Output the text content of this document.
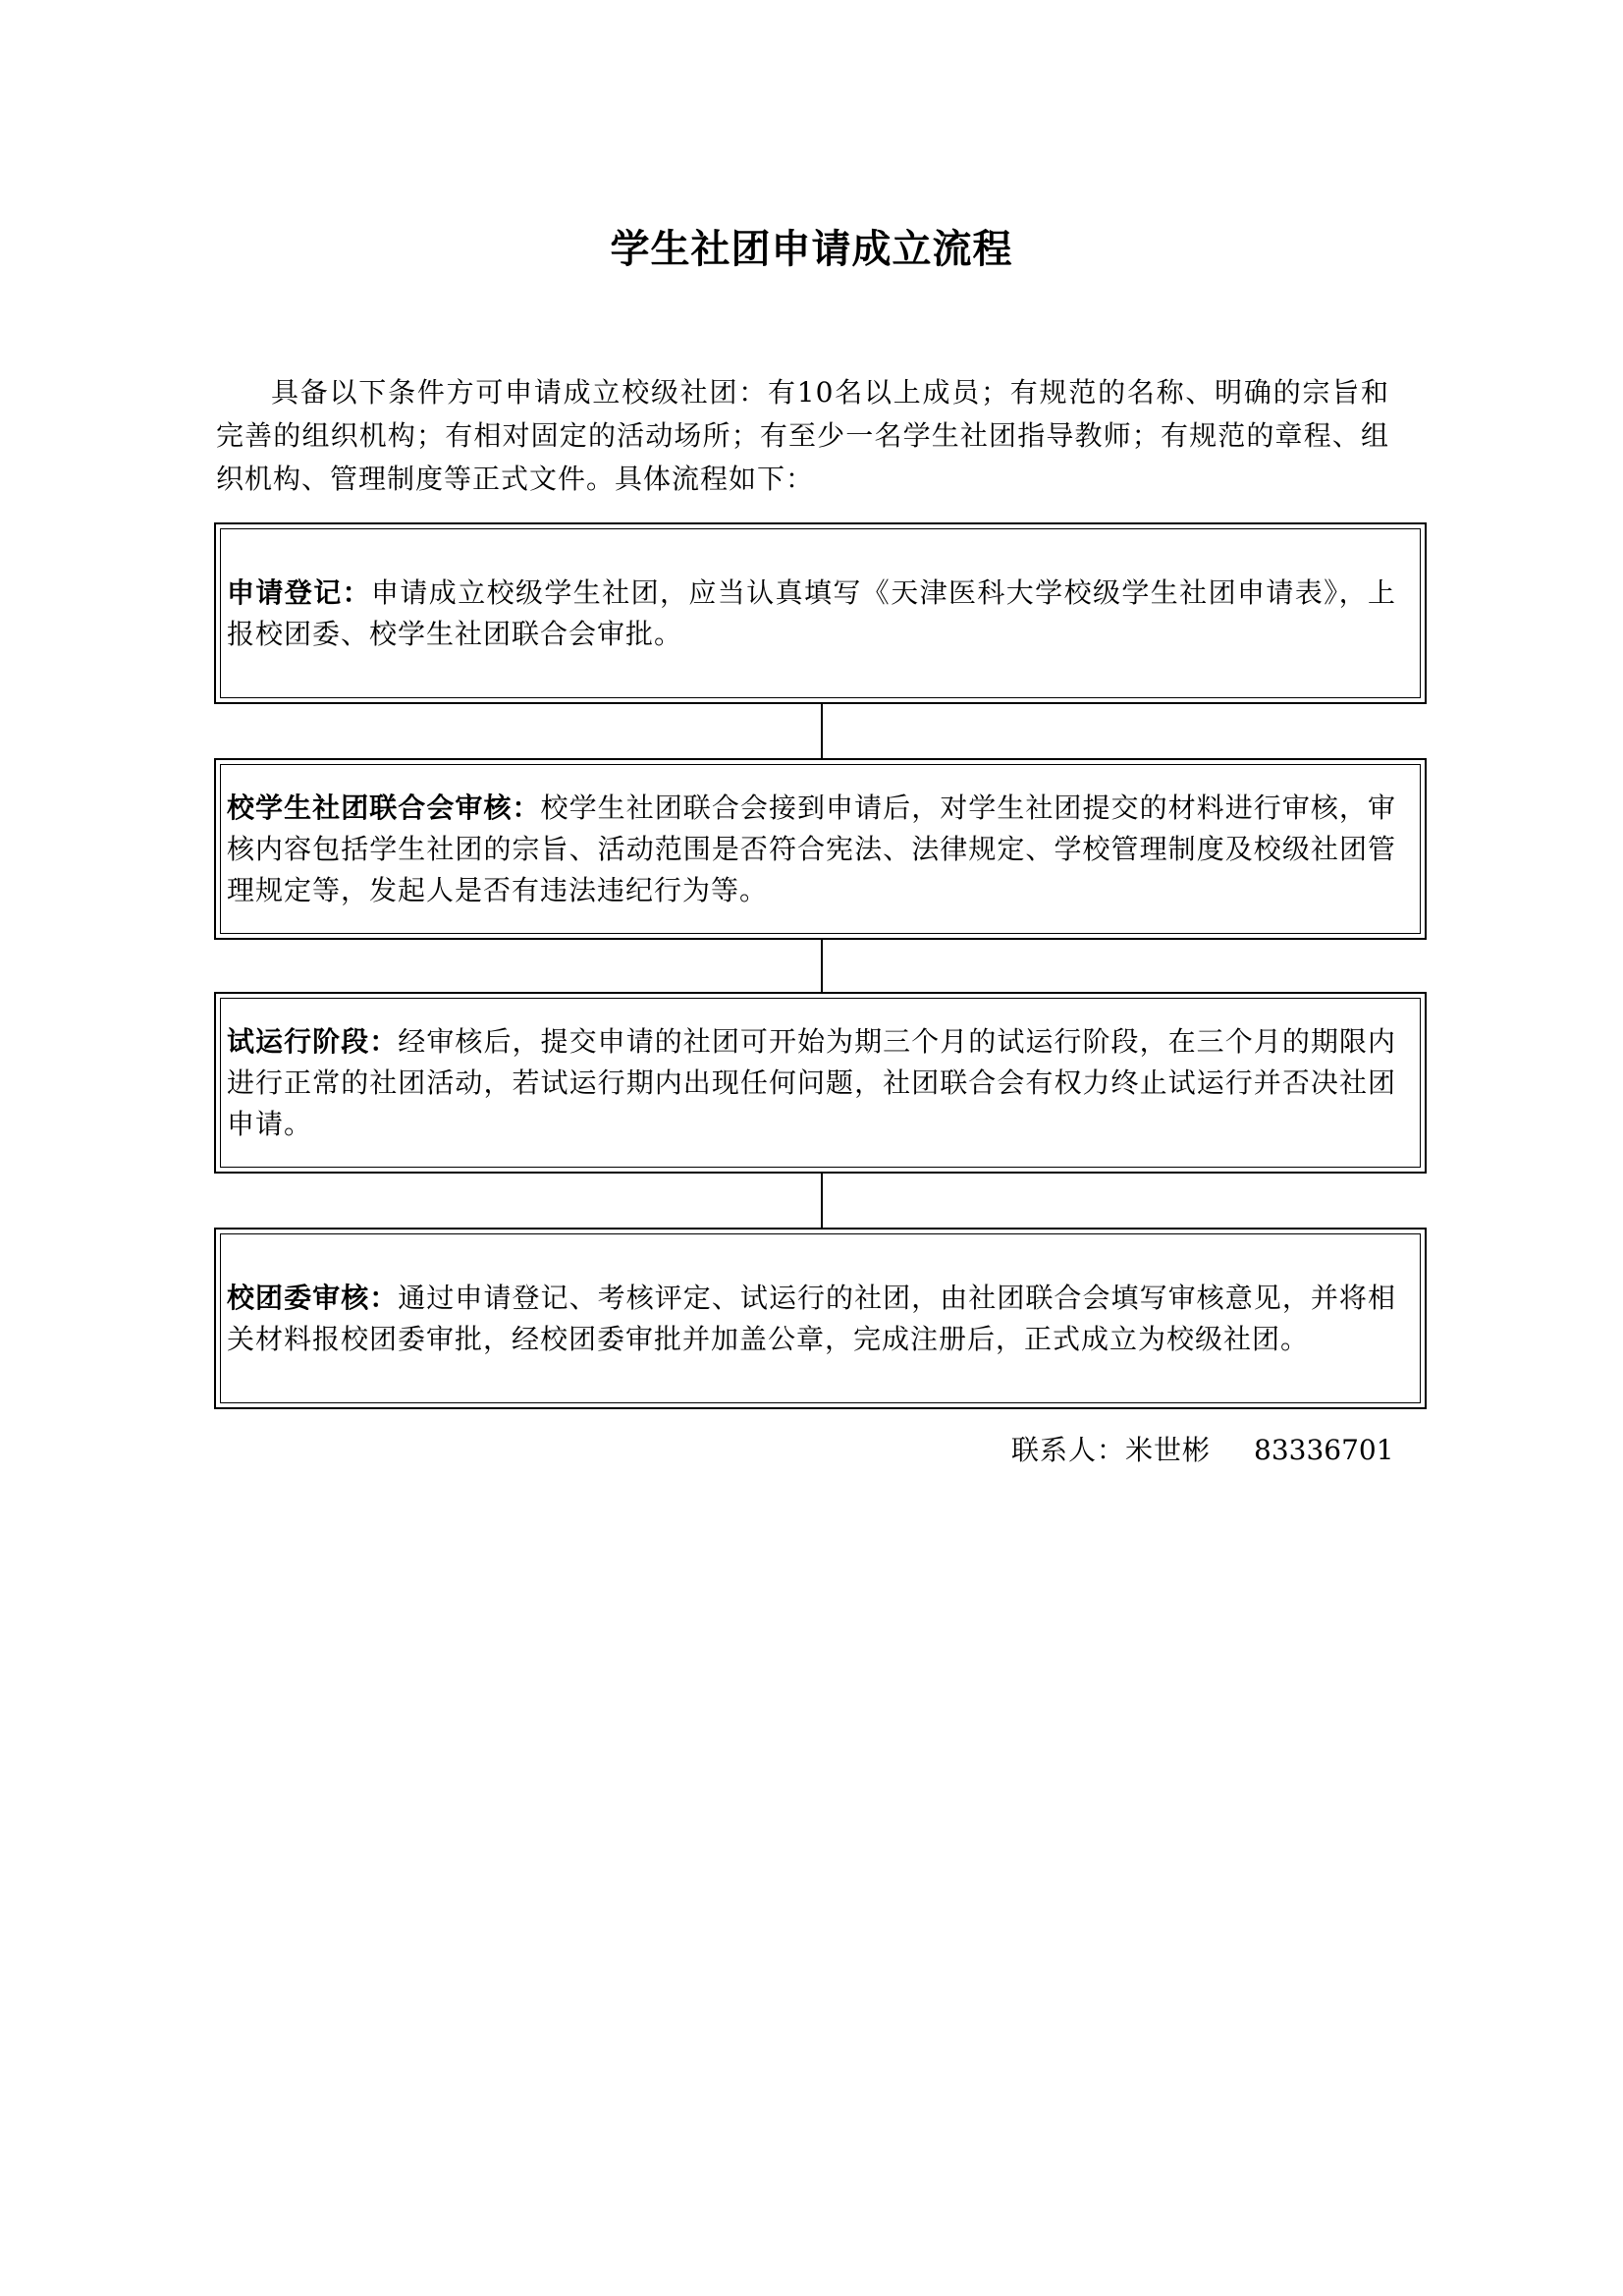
学生社团申请成立流程
具备以下条件方可申请成立校级社团：有10名以上成员；有规范的名称、明确的宗旨和完善的组织机构；有相对固定的活动场所；有至少一名学生社团指导教师；有规范的章程、组织机构、管理制度等正式文件。具体流程如下：
申请登记：申请成立校级学生社团，应当认真填写《天津医科大学校级学生社团申请表》，上报校团委、校学生社团联合会审批。
校学生社团联合会审核：校学生社团联合会接到申请后，对学生社团提交的材料进行审核，审核内容包括学生社团的宗旨、活动范围是否符合宪法、法律规定、学校管理制度及校级社团管理规定等，发起人是否有违法违纪行为等。
试运行阶段：经审核后，提交申请的社团可开始为期三个月的试运行阶段，在三个月的期限内进行正常的社团活动，若试运行期内出现任何问题，社团联合会有权力终止试运行并否决社团申请。
校团委审核：通过申请登记、考核评定、试运行的社团，由社团联合会填写审核意见，并将相关材料报校团委审批，经校团委审批并加盖公章，完成注册后，正式成立为校级社团。
联系人：米世彬 83336701
